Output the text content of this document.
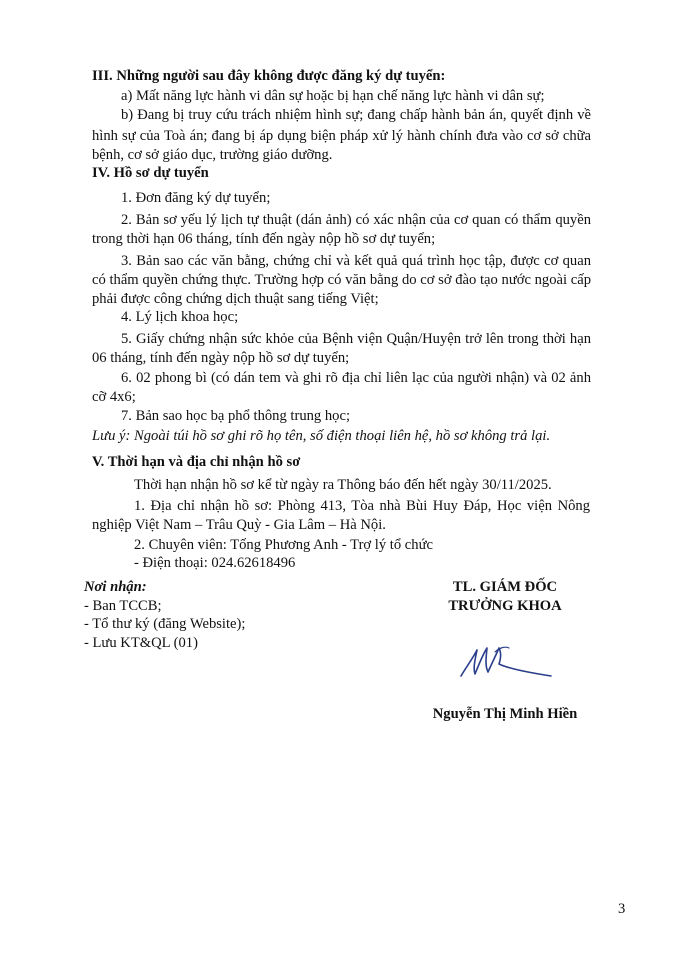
III. Những người sau đây không được đăng ký dự tuyển:
a) Mất năng lực hành vi dân sự hoặc bị hạn chế năng lực hành vi dân sự;
b) Đang bị truy cứu trách nhiệm hình sự; đang chấp hành bản án, quyết định về
hình sự của Toà án; đang bị áp dụng biện pháp xử lý hành chính đưa vào cơ sở chữa
bệnh, cơ sở giáo dục, trường giáo dưỡng.
IV. Hồ sơ dự tuyển
1. Đơn đăng ký dự tuyển;
2. Bản sơ yếu lý lịch tự thuật (dán ảnh) có xác nhận của cơ quan có thẩm quyền
trong thời hạn 06 tháng, tính đến ngày nộp hồ sơ dự tuyển;
3. Bản sao các văn bằng, chứng chỉ và kết quả quá trình học tập, được cơ quan
có thẩm quyền chứng thực. Trường hợp có văn bằng do cơ sở đào tạo nước ngoài cấp
phải được công chứng dịch thuật sang tiếng Việt;
4. Lý lịch khoa học;
5. Giấy chứng nhận sức khỏe của Bệnh viện Quận/Huyện trở lên trong thời hạn
06 tháng, tính đến ngày nộp hồ sơ dự tuyển;
6. 02 phong bì (có dán tem và ghi rõ địa chỉ liên lạc của người nhận) và 02 ảnh
cỡ 4x6;
7. Bản sao học bạ phổ thông trung học;
Lưu ý: Ngoài túi hồ sơ ghi rõ họ tên, số điện thoại liên hệ, hồ sơ không trả lại.
V. Thời hạn và địa chỉ nhận hồ sơ
Thời hạn nhận hồ sơ kể từ ngày ra Thông báo đến hết ngày 30/11/2025.
1. Địa chỉ nhận hồ sơ: Phòng 413, Tòa nhà Bùi Huy Đáp, Học viện Nông
nghiệp Việt Nam – Trâu Quỳ - Gia Lâm – Hà Nội.
2. Chuyên viên: Tống Phương Anh - Trợ lý tổ chức
- Điện thoại: 024.62618496
Nơi nhận:
- Ban TCCB;
- Tổ thư ký (đăng Website);
- Lưu KT&QL (01)
TL. GIÁM ĐỐC
TRƯỞNG KHOA
Nguyễn Thị Minh Hiền
3
